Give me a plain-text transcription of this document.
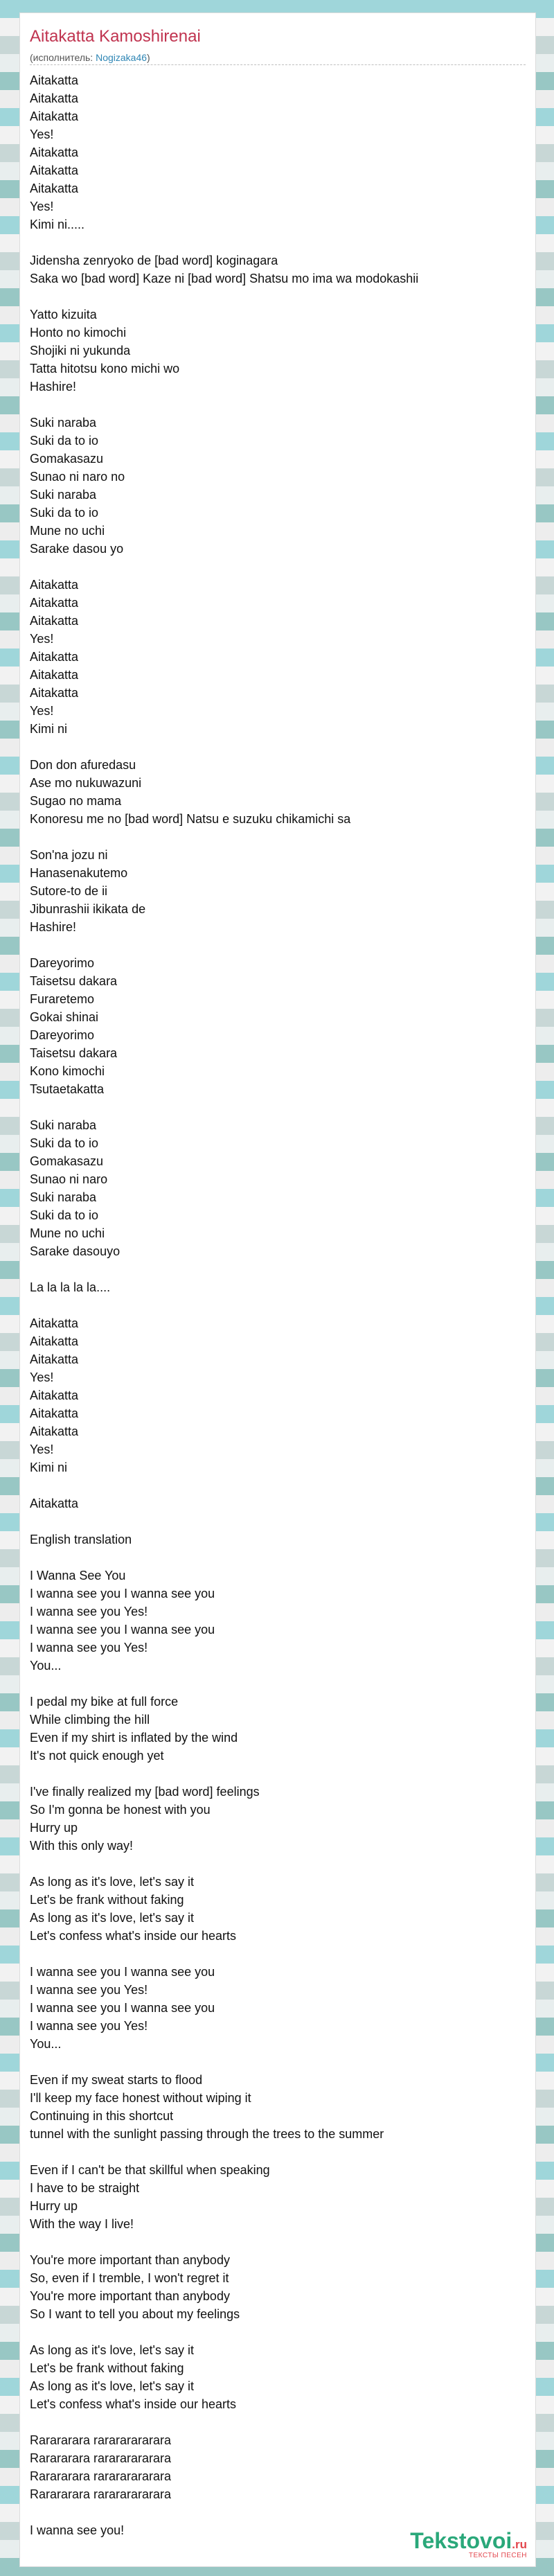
Aitakatta Kamoshirenai
(исполнитель: Nogizaka46)
Aitakatta
Aitakatta
Aitakatta
Yes!
Aitakatta
Aitakatta
Aitakatta
Yes!
Kimi ni.....
Jidensha zenryoko de [bad word] koginagara
Saka wo [bad word] Kaze ni [bad word] Shatsu mo ima wa modokashii
Yatto kizuita
Honto no kimochi
Shojiki ni yukunda
Tatta hitotsu kono michi wo
Hashire!
Suki naraba
Suki da to io
Gomakasazu
Sunao ni naro no
Suki naraba
Suki da to io
Mune no uchi
Sarake dasou yo
Aitakatta
Aitakatta
Aitakatta
Yes!
Aitakatta
Aitakatta
Aitakatta
Yes!
Kimi ni
Don don afuredasu
Ase mo nukuwazuni
Sugao no mama
Konoresu me no [bad word] Natsu e suzuku chikamichi sa
Son'na jozu ni
Hanasenakutemo
Sutore-to de ii
Jibunrashii ikikata de
Hashire!
Dareyorimo
Taisetsu dakara
Furaretemo
Gokai shinai
Dareyorimo
Taisetsu dakara
Kono kimochi
Tsutaetakatta
Suki naraba
Suki da to io
Gomakasazu
Sunao ni naro
Suki naraba
Suki da to io
Mune no uchi
Sarake dasouyo
La la la la la....
Aitakatta
Aitakatta
Aitakatta
Yes!
Aitakatta
Aitakatta
Aitakatta
Yes!
Kimi ni
Aitakatta
English translation
I Wanna See You
I wanna see you I wanna see you
I wanna see you Yes!
I wanna see you I wanna see you
I wanna see you Yes!
You...
I pedal my bike at full force
While climbing the hill
Even if my shirt is inflated by the wind
It's not quick enough yet
I've finally realized my [bad word] feelings
So I'm gonna be honest with you
Hurry up
With this only way!
As long as it's love, let's say it
Let's be frank without faking
As long as it's love, let's say it
Let's confess what's inside our hearts
I wanna see you I wanna see you
I wanna see you Yes!
I wanna see you I wanna see you
I wanna see you Yes!
You...
Even if my sweat starts to flood
I'll keep my face honest without wiping it
Continuing in this shortcut
tunnel with the sunlight passing through the trees to the summer
Even if I can't be that skillful when speaking
I have to be straight
Hurry up
With the way I live!
You're more important than anybody
So, even if I tremble, I won't regret it
You're more important than anybody
So I want to tell you about my feelings
As long as it's love, let's say it
Let's be frank without faking
As long as it's love, let's say it
Let's confess what's inside our hearts
Rarararara rarararararara
Rarararara rarararararara
Rarararara rarararararara
Rarararara rarararararara
I wanna see you!	Tekstovoi.ru
ТЕКСТЫ ПЕСЕН
